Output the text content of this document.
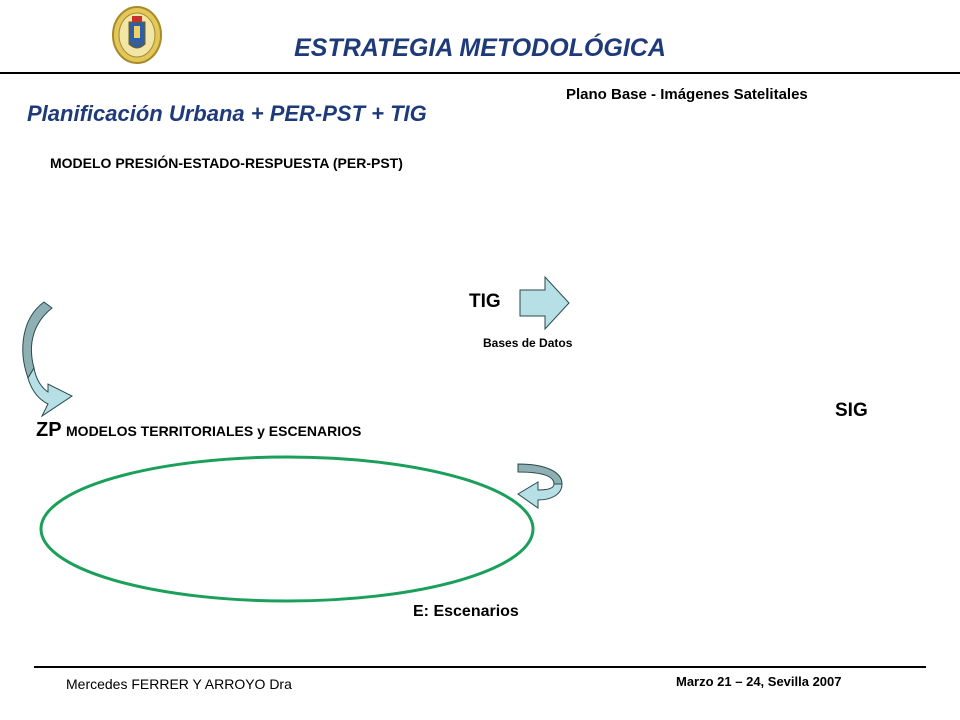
ESTRATEGIA METODOLÓGICA
Planificación Urbana + PER-PST + TIG
Plano Base - Imágenes Satelitales
MODELO PRESIÓN-ESTADO-RESPUESTA (PER-PST)
TIG
Bases de Datos
SIG
ZP MODELOS TERRITORIALES y ESCENARIOS
E: Escenarios
Mercedes FERRER Y ARROYO Dra	Marzo 21 – 24, Sevilla 2007
